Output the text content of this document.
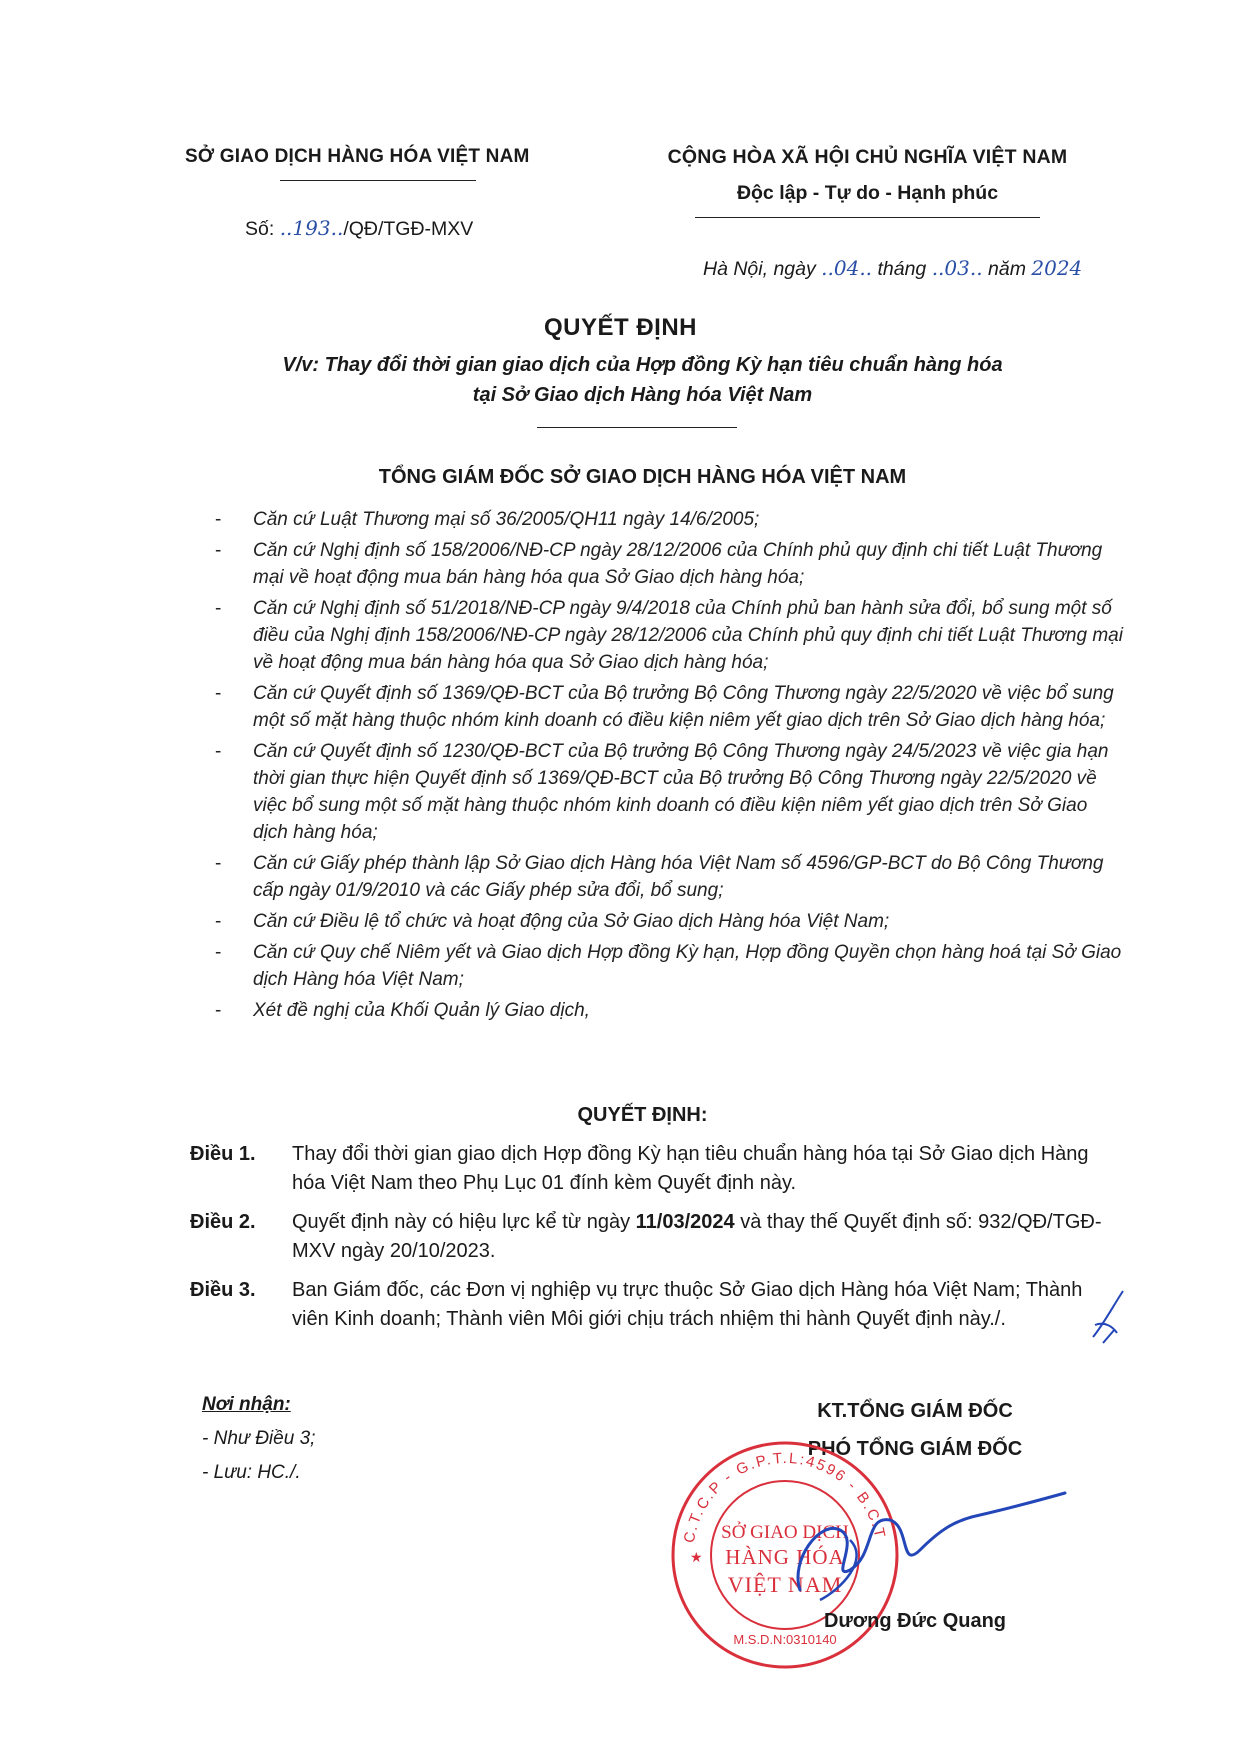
SỞ GIAO DỊCH HÀNG HÓA VIỆT NAM
Số: ..193../QĐ/TGĐ-MXV
CỘNG HÒA XÃ HỘI CHỦ NGHĨA VIỆT NAM
Độc lập - Tự do - Hạnh phúc
Hà Nội, ngày ..04.. tháng ..03.. năm 2024
QUYẾT ĐỊNH
V/v: Thay đổi thời gian giao dịch của Hợp đồng Kỳ hạn tiêu chuẩn hàng hóa
tại Sở Giao dịch Hàng hóa Việt Nam
TỔNG GIÁM ĐỐC SỞ GIAO DỊCH HÀNG HÓA VIỆT NAM
- Căn cứ Luật Thương mại số 36/2005/QH11 ngày 14/6/2005;
- Căn cứ Nghị định số 158/2006/NĐ-CP ngày 28/12/2006 của Chính phủ quy định chi tiết Luật Thương mại về hoạt động mua bán hàng hóa qua Sở Giao dịch hàng hóa;
- Căn cứ Nghị định số 51/2018/NĐ-CP ngày 9/4/2018 của Chính phủ ban hành sửa đổi, bổ sung một số điều của Nghị định 158/2006/NĐ-CP ngày 28/12/2006 của Chính phủ quy định chi tiết Luật Thương mại về hoạt động mua bán hàng hóa qua Sở Giao dịch hàng hóa;
- Căn cứ Quyết định số 1369/QĐ-BCT của Bộ trưởng Bộ Công Thương ngày 22/5/2020 về việc bổ sung một số mặt hàng thuộc nhóm kinh doanh có điều kiện niêm yết giao dịch trên Sở Giao dịch hàng hóa;
- Căn cứ Quyết định số 1230/QĐ-BCT của Bộ trưởng Bộ Công Thương ngày 24/5/2023 về việc gia hạn thời gian thực hiện Quyết định số 1369/QĐ-BCT của Bộ trưởng Bộ Công Thương ngày 22/5/2020 về việc bổ sung một số mặt hàng thuộc nhóm kinh doanh có điều kiện niêm yết giao dịch trên Sở Giao dịch hàng hóa;
- Căn cứ Giấy phép thành lập Sở Giao dịch Hàng hóa Việt Nam số 4596/GP-BCT do Bộ Công Thương cấp ngày 01/9/2010 và các Giấy phép sửa đổi, bổ sung;
- Căn cứ Điều lệ tổ chức và hoạt động của Sở Giao dịch Hàng hóa Việt Nam;
- Căn cứ Quy chế Niêm yết và Giao dịch Hợp đồng Kỳ hạn, Hợp đồng Quyền chọn hàng hoá tại Sở Giao dịch Hàng hóa Việt Nam;
- Xét đề nghị của Khối Quản lý Giao dịch,
QUYẾT ĐỊNH:
Điều 1.	Thay đổi thời gian giao dịch Hợp đồng Kỳ hạn tiêu chuẩn hàng hóa tại Sở Giao dịch Hàng hóa Việt Nam theo Phụ Lục 01 đính kèm Quyết định này.
Điều 2.	Quyết định này có hiệu lực kể từ ngày 11/03/2024 và thay thế Quyết định số: 932/QĐ/TGĐ-MXV ngày 20/10/2023.
Điều 3.	Ban Giám đốc, các Đơn vị nghiệp vụ trực thuộc Sở Giao dịch Hàng hóa Việt Nam; Thành viên Kinh doanh; Thành viên Môi giới chịu trách nhiệm thi hành Quyết định này./.
Nơi nhận:
- Như Điều 3;
- Lưu: HC./.
KT.TỔNG GIÁM ĐỐC
PHÓ TỔNG GIÁM ĐỐC
C.T.C.P - G.P.T.L:4596 - B.C.T
SỞ GIAO DỊCH
HÀNG HÓA
VIỆT NAM
M.S.D.N:0310140
★
Dương Đức Quang
